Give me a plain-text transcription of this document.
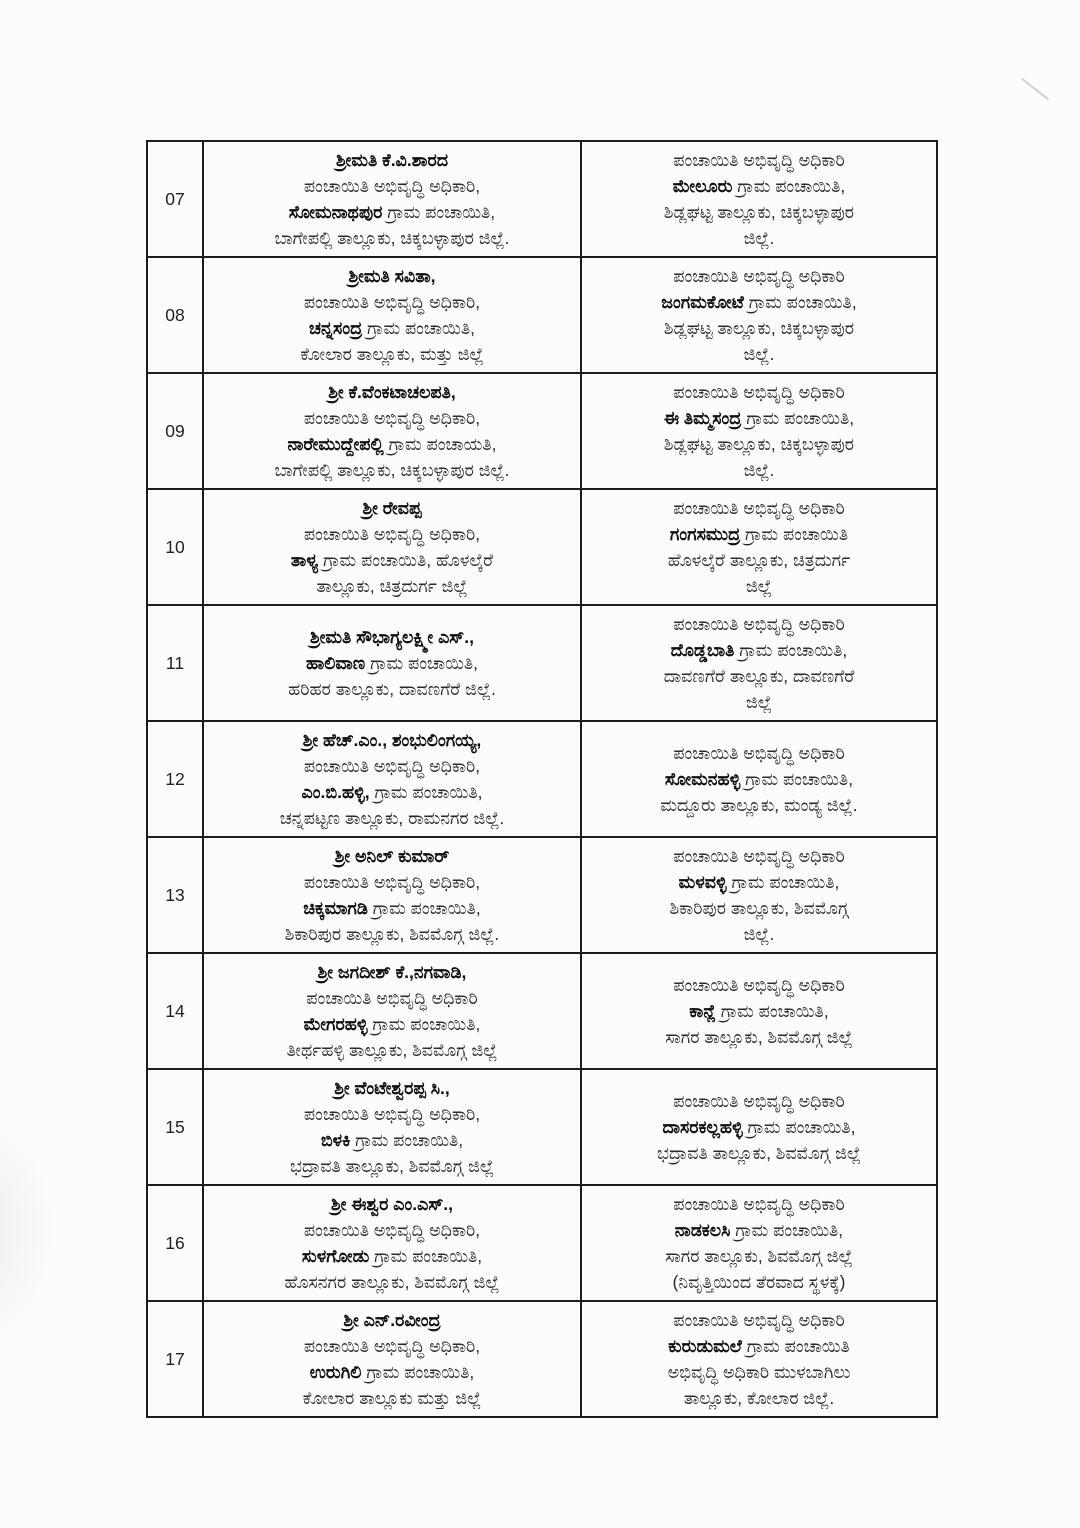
07	
ಶ್ರೀಮತಿ ಕೆ.ವಿ.ಶಾರದ
ಪಂಚಾಯಿತಿ ಅಭಿವೃದ್ಧಿ ಅಧಿಕಾರಿ,
ಸೋಮನಾಥಪುರ ಗ್ರಾಮ ಪಂಚಾಯಿತಿ,
ಬಾಗೇಪಲ್ಲಿ ತಾಲ್ಲೂಕು, ಚಿಕ್ಕಬಳ್ಳಾಪುರ ಜಿಲ್ಲೆ.

ಪಂಚಾಯಿತಿ ಅಭಿವೃದ್ಧಿ ಅಧಿಕಾರಿ
ಮೇಲೂರು ಗ್ರಾಮ ಪಂಚಾಯಿತಿ,
ಶಿಡ್ಲಘಟ್ಟ ತಾಲ್ಲೂಕು, ಚಿಕ್ಕಬಳ್ಳಾಪುರ
ಜಿಲ್ಲೆ.

08	
ಶ್ರೀಮತಿ ಸವಿತಾ,
ಪಂಚಾಯಿತಿ ಅಭಿವೃದ್ಧಿ ಅಧಿಕಾರಿ,
ಚನ್ನಸಂದ್ರ ಗ್ರಾಮ ಪಂಚಾಯಿತಿ,
ಕೋಲಾರ ತಾಲ್ಲೂಕು, ಮತ್ತು ಜಿಲ್ಲೆ

ಪಂಚಾಯಿತಿ ಅಭಿವೃದ್ಧಿ ಅಧಿಕಾರಿ
ಜಂಗಮಕೋಟೆ ಗ್ರಾಮ ಪಂಚಾಯಿತಿ,
ಶಿಡ್ಲಘಟ್ಟ ತಾಲ್ಲೂಕು, ಚಿಕ್ಕಬಳ್ಳಾಪುರ
ಜಿಲ್ಲೆ.

09	
ಶ್ರೀ ಕೆ.ವೆಂಕಟಾಚಲಪತಿ,
ಪಂಚಾಯಿತಿ ಅಭಿವೃದ್ಧಿ ಅಧಿಕಾರಿ,
ನಾರೇಮುದ್ದೇಪಲ್ಲಿ ಗ್ರಾಮ ಪಂಚಾಯತಿ,
ಬಾಗೇಪಲ್ಲಿ ತಾಲ್ಲೂಕು, ಚಿಕ್ಕಬಳ್ಳಾಪುರ ಜಿಲ್ಲೆ.

ಪಂಚಾಯಿತಿ ಅಭಿವೃದ್ಧಿ ಅಧಿಕಾರಿ
ಈ ತಿಮ್ಮಸಂದ್ರ ಗ್ರಾಮ ಪಂಚಾಯಿತಿ,
ಶಿಡ್ಲಘಟ್ಟ ತಾಲ್ಲೂಕು, ಚಿಕ್ಕಬಳ್ಳಾಪುರ
ಜಿಲ್ಲೆ.

10	
ಶ್ರೀ ರೇವಪ್ಪ
ಪಂಚಾಯಿತಿ ಅಭಿವೃದ್ಧಿ ಅಧಿಕಾರಿ,
ತಾಳ್ಯ ಗ್ರಾಮ ಪಂಚಾಯಿತಿ, ಹೊಳಲ್ಕೆರೆ
ತಾಲ್ಲೂಕು, ಚಿತ್ರದುರ್ಗ ಜಿಲ್ಲೆ

ಪಂಚಾಯಿತಿ ಅಭಿವೃದ್ಧಿ ಅಧಿಕಾರಿ
ಗಂಗಸಮುದ್ರ ಗ್ರಾಮ ಪಂಚಾಯಿತಿ
ಹೊಳಲ್ಕೆರೆ ತಾಲ್ಲೂಕು, ಚಿತ್ರದುರ್ಗ
ಜಿಲ್ಲೆ

11	
ಶ್ರೀಮತಿ ಸೌಭಾಗ್ಯಲಕ್ಷ್ಮೀ ಎಸ್.,
ಹಾಲಿವಾಣ ಗ್ರಾಮ ಪಂಚಾಯಿತಿ,
ಹರಿಹರ ತಾಲ್ಲೂಕು, ದಾವಣಗೆರೆ ಜಿಲ್ಲೆ.

ಪಂಚಾಯಿತಿ ಅಭಿವೃದ್ಧಿ ಅಧಿಕಾರಿ
ದೊಡ್ಡಬಾತಿ ಗ್ರಾಮ ಪಂಚಾಯಿತಿ,
ದಾವಣಗೆರೆ ತಾಲ್ಲೂಕು, ದಾವಣಗೆರೆ
ಜಿಲ್ಲೆ

12	
ಶ್ರೀ ಹೆಚ್.ಎಂ., ಶಂಭುಲಿಂಗಯ್ಯ,
ಪಂಚಾಯಿತಿ ಅಭಿವೃದ್ಧಿ ಅಧಿಕಾರಿ,
ಎಂ.ಬಿ.ಹಳ್ಳಿ, ಗ್ರಾಮ ಪಂಚಾಯಿತಿ,
ಚನ್ನಪಟ್ಟಣ ತಾಲ್ಲೂಕು, ರಾಮನಗರ ಜಿಲ್ಲೆ.

ಪಂಚಾಯಿತಿ ಅಭಿವೃದ್ಧಿ ಅಧಿಕಾರಿ
ಸೋಮನಹಳ್ಳಿ ಗ್ರಾಮ ಪಂಚಾಯಿತಿ,
ಮದ್ದೂರು ತಾಲ್ಲೂಕು, ಮಂಡ್ಯ ಜಿಲ್ಲೆ.

13	
ಶ್ರೀ ಅನಿಲ್ ಕುಮಾರ್
ಪಂಚಾಯಿತಿ ಅಭಿವೃದ್ಧಿ ಅಧಿಕಾರಿ,
ಚಿಕ್ಕಮಾಗಡಿ ಗ್ರಾಮ ಪಂಚಾಯಿತಿ,
ಶಿಕಾರಿಪುರ ತಾಲ್ಲೂಕು, ಶಿವಮೊಗ್ಗ ಜಿಲ್ಲೆ.

ಪಂಚಾಯಿತಿ ಅಭಿವೃದ್ಧಿ ಅಧಿಕಾರಿ
ಮಳವಳ್ಳಿ ಗ್ರಾಮ ಪಂಚಾಯಿತಿ,
ಶಿಕಾರಿಪುರ ತಾಲ್ಲೂಕು, ಶಿವಮೊಗ್ಗ
ಜಿಲ್ಲೆ.

14	
ಶ್ರೀ ಜಗದೀಶ್ ಕೆ.,ನಗವಾಡಿ,
ಪಂಚಾಯಿತಿ ಅಭಿವೃದ್ಧಿ ಅಧಿಕಾರಿ
ಮೇಗರಹಳ್ಳಿ ಗ್ರಾಮ ಪಂಚಾಯಿತಿ,
ತೀರ್ಥಹಳ್ಳಿ ತಾಲ್ಲೂಕು, ಶಿವಮೊಗ್ಗ ಜಿಲ್ಲೆ

ಪಂಚಾಯಿತಿ ಅಭಿವೃದ್ಧಿ ಅಧಿಕಾರಿ
ಕಾನ್ಲೆ ಗ್ರಾಮ ಪಂಚಾಯಿತಿ,
ಸಾಗರ ತಾಲ್ಲೂಕು, ಶಿವಮೊಗ್ಗ ಜಿಲ್ಲೆ

15	
ಶ್ರೀ ವೆಂಟೇಶ್ವರಪ್ಪ ಸಿ.,
ಪಂಚಾಯಿತಿ ಅಭಿವೃದ್ಧಿ ಅಧಿಕಾರಿ,
ಬಿಳಕಿ ಗ್ರಾಮ ಪಂಚಾಯಿತಿ,
ಭದ್ರಾವತಿ ತಾಲ್ಲೂಕು, ಶಿವಮೊಗ್ಗ ಜಿಲ್ಲೆ

ಪಂಚಾಯಿತಿ ಅಭಿವೃದ್ಧಿ ಅಧಿಕಾರಿ
ದಾಸರಕಲ್ಲಹಳ್ಳಿ ಗ್ರಾಮ ಪಂಚಾಯಿತಿ,
ಭದ್ರಾವತಿ ತಾಲ್ಲೂಕು, ಶಿವಮೊಗ್ಗ ಜಿಲ್ಲೆ

16	
ಶ್ರೀ ಈಶ್ವರ ಎಂ.ಎಸ್.,
ಪಂಚಾಯಿತಿ ಅಭಿವೃದ್ಧಿ ಅಧಿಕಾರಿ,
ಸುಳಗೋಡು ಗ್ರಾಮ ಪಂಚಾಯಿತಿ,
ಹೊಸನಗರ ತಾಲ್ಲೂಕು, ಶಿವಮೊಗ್ಗ ಜಿಲ್ಲೆ

ಪಂಚಾಯಿತಿ ಅಭಿವೃದ್ಧಿ ಅಧಿಕಾರಿ
ನಾಡಕಲಸಿ ಗ್ರಾಮ ಪಂಚಾಯಿತಿ,
ಸಾಗರ ತಾಲ್ಲೂಕು, ಶಿವಮೊಗ್ಗ ಜಿಲ್ಲೆ
(ನಿವೃತ್ತಿಯಿಂದ ತೆರವಾದ ಸ್ಥಳಕ್ಕೆ)

17	
ಶ್ರೀ ಎನ್.ರವೀಂದ್ರ
ಪಂಚಾಯಿತಿ ಅಭಿವೃದ್ಧಿ ಅಧಿಕಾರಿ,
ಉರುಗಿಲಿ ಗ್ರಾಮ ಪಂಚಾಯಿತಿ,
ಕೋಲಾರ ತಾಲ್ಲೂಕು ಮತ್ತು ಜಿಲ್ಲೆ

ಪಂಚಾಯಿತಿ ಅಭಿವೃದ್ಧಿ ಅಧಿಕಾರಿ
ಕುರುಡುಮಲೆ ಗ್ರಾಮ ಪಂಚಾಯಿತಿ
ಅಭಿವೃದ್ಧಿ ಅಧಿಕಾರಿ ಮುಳಬಾಗಿಲು
ತಾಲ್ಲೂಕು, ಕೋಲಾರ ಜಿಲ್ಲೆ.
